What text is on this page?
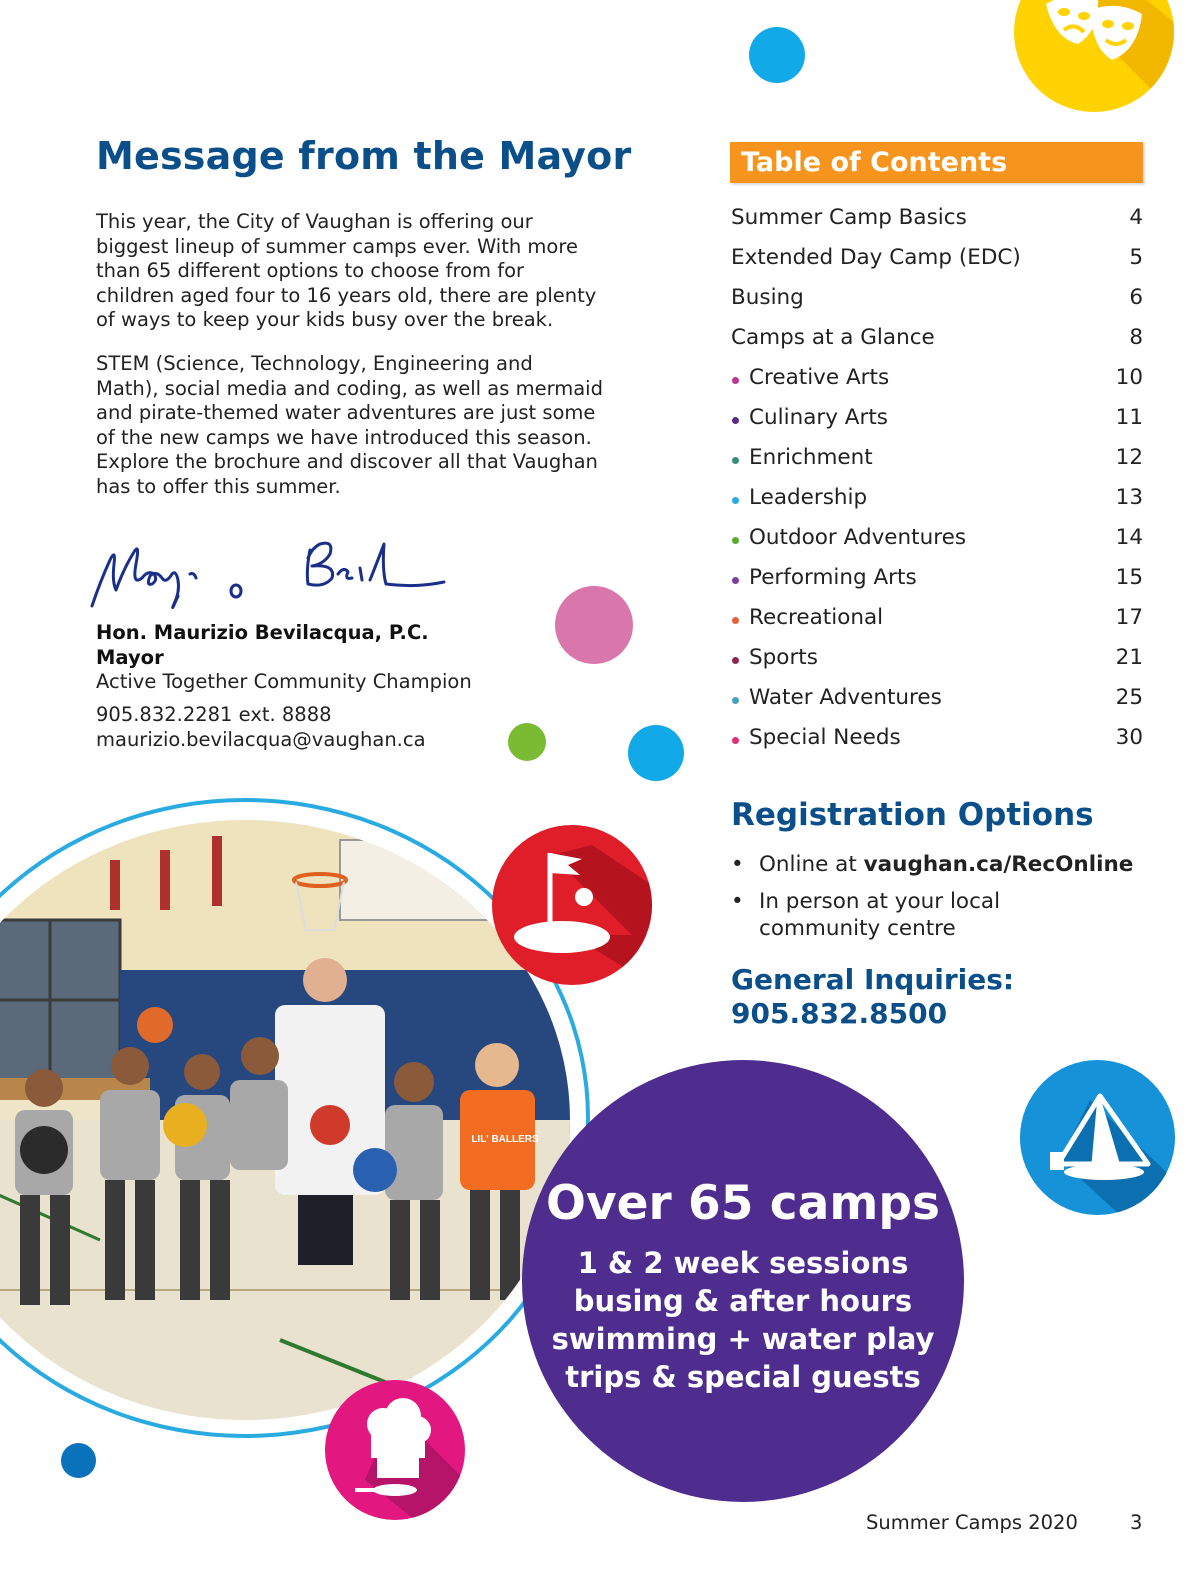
Message from the Mayor
This year, the City of Vaughan is offering our
biggest lineup of summer camps ever. With more
than 65 different options to choose from for
children aged four to 16 years old, there are plenty
of ways to keep your kids busy over the break.
STEM (Science, Technology, Engineering and
Math), social media and coding, as well as mermaid
and pirate-themed water adventures are just some
of the new camps we have introduced this season.
Explore the brochure and discover all that Vaughan
has to offer this summer.
Hon. Maurizio Bevilacqua, P.C.
Mayor
Active Together Community Champion
905.832.2281 ext. 8888
maurizio.bevilacqua@vaughan.ca
Table of Contents
Summer Camp Basics	4
Extended Day Camp (EDC)	5
Busing	6
Camps at a Glance	8
Creative Arts	10
Culinary Arts	11
Enrichment	12
Leadership	13
Outdoor Adventures	14
Performing Arts	15
Recreational	17
Sports	21
Water Adventures	25
Special Needs	30
Registration Options
• Online at vaughan.ca/RecOnline
• In person at your local
community centre
General Inquiries:
905.832.8500
LIL' BALLERS
Over 65 camps
1 & 2 week sessions
busing & after hours
swimming + water play
trips & special guests
Summer Camps 2020	3
